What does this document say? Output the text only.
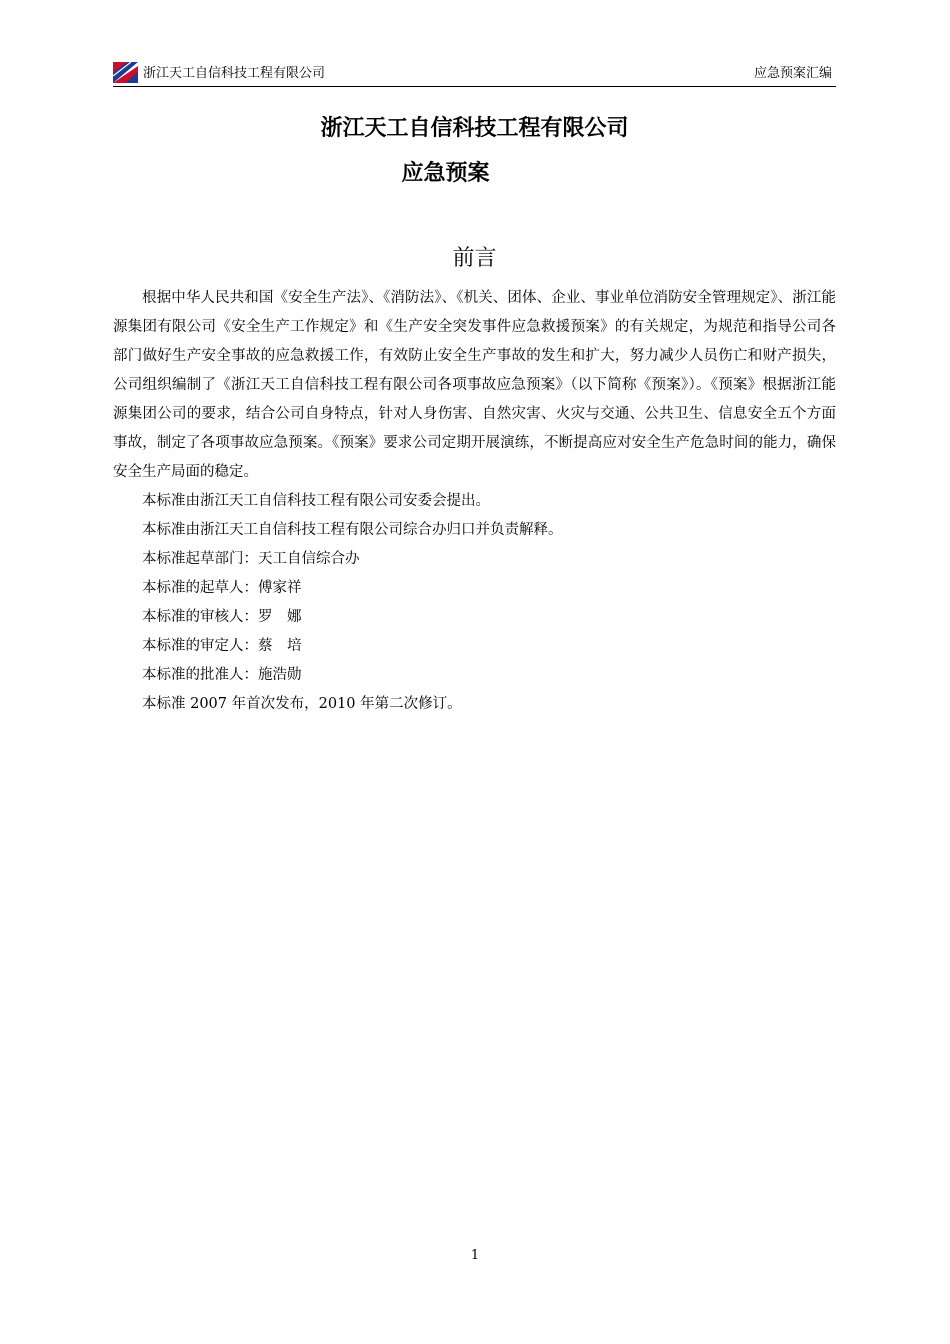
浙江天工自信科技工程有限公司	应急预案汇编
浙江天工自信科技工程有限公司
应急预案
前言

根据中华人民共和国《安全生产法》、《消防法》、《机关、团体、企业、事业单位消防安全管理规定》、浙江能源集团有限公司《安全生产工作规定》和《生产安全突发事件应急救援预案》的有关规定，为规范和指导公司各部门做好生产安全事故的应急救援工作，有效防止安全生产事故的发生和扩大，努力减少人员伤亡和财产损失，公司组织编制了《浙江天工自信科技工程有限公司各项事故应急预案》（以下简称《预案》）。《预案》根据浙江能源集团公司的要求，结合公司自身特点，针对人身伤害、自然灾害、火灾与交通、公共卫生、信息安全五个方面事故，制定了各项事故应急预案。《预案》要求公司定期开展演练，不断提高应对安全生产危急时间的能力，确保安全生产局面的稳定。

本标准由浙江天工自信科技工程有限公司安委会提出。

本标准由浙江天工自信科技工程有限公司综合办归口并负责解释。

本标准起草部门：天工自信综合办

本标准的起草人：傅家祥

本标准的审核人：罗　娜

本标准的审定人：蔡　培

本标准的批准人：施浩勋

本标准 2007 年首次发布，2010 年第二次修订。

1
